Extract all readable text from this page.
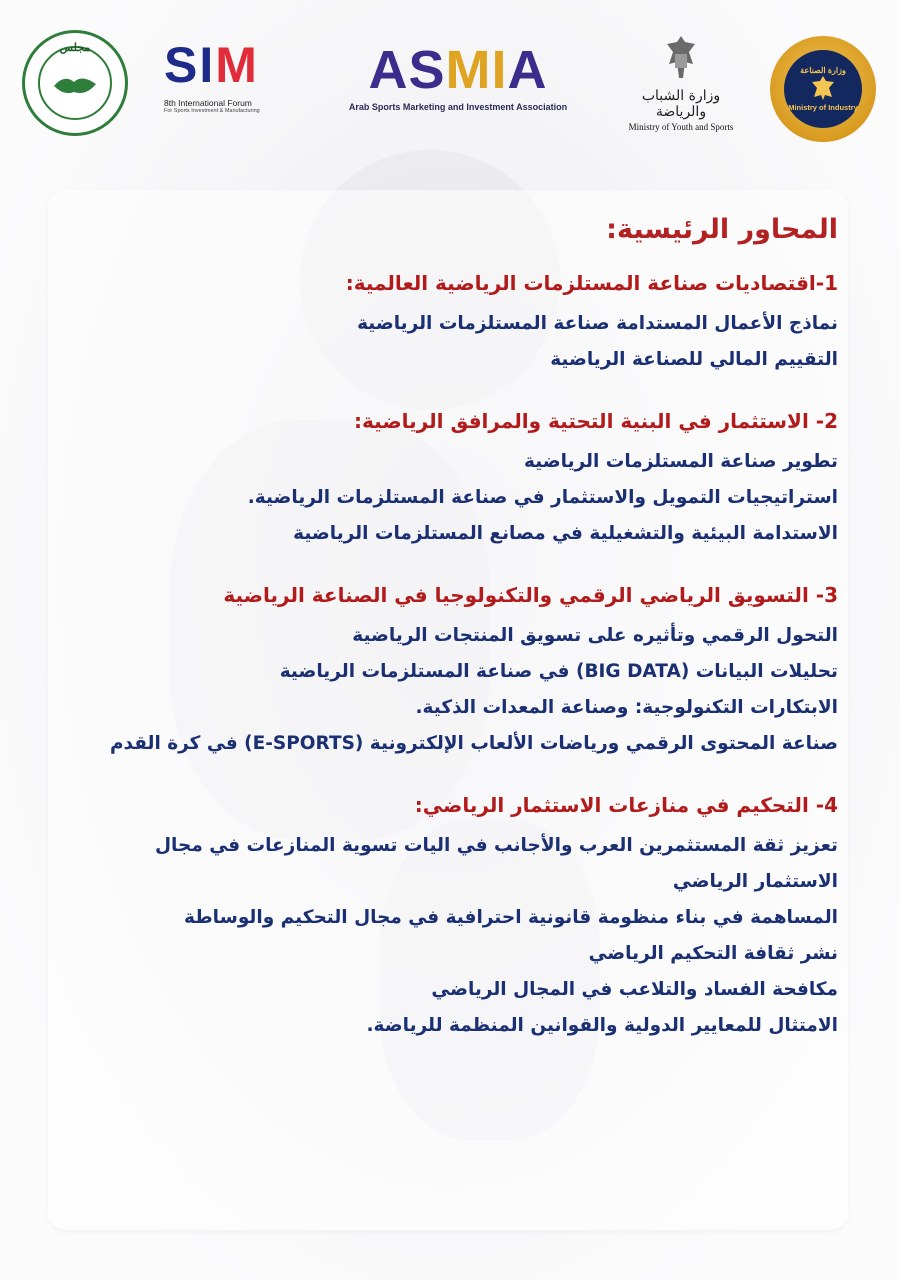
مجلس SIM
8th International Forum
For Sports Investment & Manufacturing
ASMIA
Arab Sports Marketing and Investment Association
وزارة الشباب والرياضة
Ministry of Youth and Sports
وزارة الصناعة
Ministry of Industry
المحاور الرئيسية:
1-اقتصاديات صناعة المستلزمات الرياضية العالمية:
نماذج الأعمال المستدامة صناعة المستلزمات الرياضية
التقييم المالي للصناعة الرياضية
2- الاستثمار في البنية التحتية والمرافق الرياضية:
تطوير صناعة المستلزمات الرياضية
استراتيجيات التمويل والاستثمار في صناعة المستلزمات الرياضية.
الاستدامة البيئية والتشغيلية في مصانع المستلزمات الرياضية
3- التسويق الرياضي الرقمي والتكنولوجيا في الصناعة الرياضية
التحول الرقمي وتأثيره على تسويق المنتجات الرياضية
تحليلات البيانات (BIG DATA) في صناعة المستلزمات الرياضية
الابتكارات التكنولوجية: وصناعة المعدات الذكية.
صناعة المحتوى الرقمي ورياضات الألعاب الإلكترونية (E-SPORTS) في كرة القدم
4- التحكيم في منازعات الاستثمار الرياضي:
تعزيز ثقة المستثمرين العرب والأجانب في اليات تسوية المنازعات في مجال
الاستثمار الرياضي
المساهمة في بناء منظومة قانونية احترافية في مجال التحكيم والوساطة
نشر ثقافة التحكيم الرياضي
مكافحة الفساد والتلاعب في المجال الرياضي
الامتثال للمعايير الدولية والقوانين المنظمة للرياضة.
